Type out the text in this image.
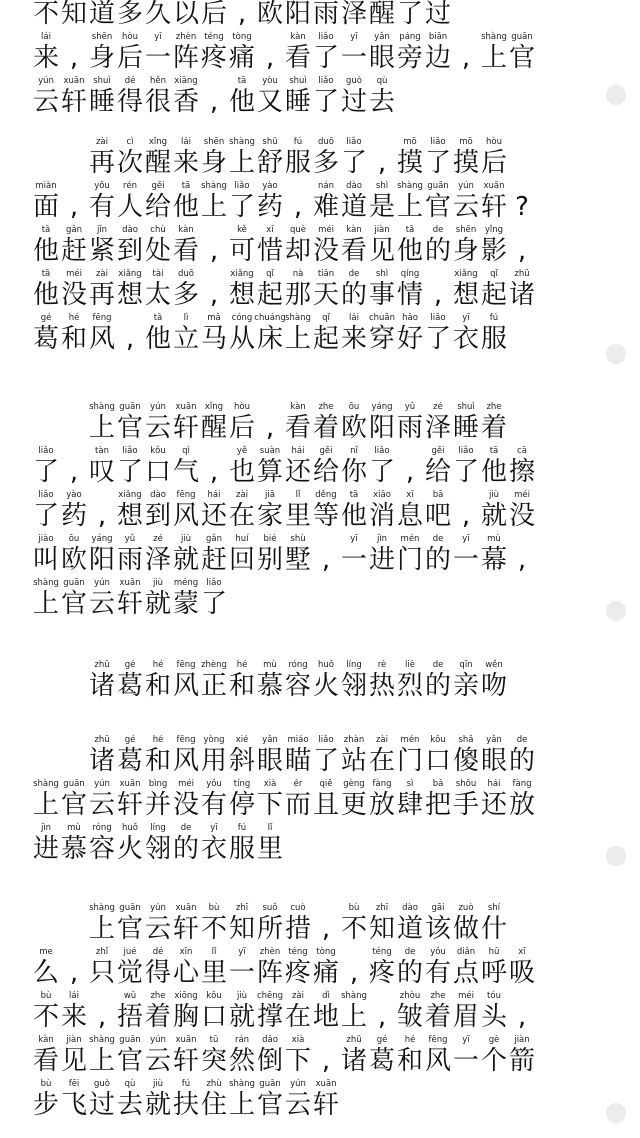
不 知 道 多 久 以 后 , 欧 阳 雨 泽 醒 了 过
lái
来 ,
shēn
身
hòu
后
yī
一
zhèn
阵
téng
疼
tòng
痛 ,
kàn
看
liǎo
了
yī
一
yǎn
眼
páng
旁
biān
边 ,
shàng
上
guān
官
yún
云
xuān
轩
shuì
睡
dé
得
hěn
很
xiāng
香 ,
tā
他
yòu
又
shuì
睡
liǎo
了
guò
过
qù
去
zài
再
cì
次
xǐng
醒
lái
来
shēn
身
shàng
上
shū
舒
fú
服
duō
多
liǎo
了 ,
mō
摸
liǎo
了
mō
摸
hòu
后
miàn
面 ,
yǒu
有
rén
人
gěi
给
tā
他
shàng
上
liǎo
了
yào
药 ,
nán
难
dào
道
shì
是
shàng
上
guān
官
yún
云
xuān
轩 ?
tā
他
gǎn
赶
jǐn
紧
dào
到
chù
处
kàn
看 ,
kě
可
xī
惜
què
却
méi
没
kàn
看
jiàn
见
tā
他
de
的
shēn
身
yǐng
影 ,
tā
他
méi
没
zài
再
xiǎng
想
tài
太
duō
多 ,
xiǎng
想
qǐ
起
nà
那
tiān
天
de
的
shì
事
qíng
情 ,
xiǎng
想
qǐ
起
zhū
诸
gé
葛
hé
和
fēng
风 ,
tā
他
lì
立
mǎ
马
cóng
从
chuáng
床
shàng
上
qǐ
起
lái
来
chuān
穿
hǎo
好
liǎo
了
yī
衣
fú
服
shàng
上
guān
官
yún
云
xuān
轩
xǐng
醒
hòu
后 ,
kàn
看
zhe
着
ōu
欧
yáng
阳
yǔ
雨
zé
泽
shuì
睡
zhe
着
liǎo
了 ,
tàn
叹
liǎo
了
kǒu
口
qì
气 ,
yě
也
suàn
算
hái
还
gěi
给
nǐ
你
liǎo
了 ,
gěi
给
liǎo
了
tā
他
cā
擦
liǎo
了
yào
药 ,
xiǎng
想
dào
到
fēng
风
hái
还
zài
在
jiā
家
lǐ
里
děng
等
tā
他
xiāo
消
xī
息
bā
吧 ,
jiù
就
méi
没
jiào
叫
ōu
欧
yáng
阳
yǔ
雨
zé
泽
jiù
就
gǎn
赶
huí
回
bié
别
shù
墅 ,
yī
一
jìn
进
mén
门
de
的
yī
一
mù
幕 ,
shàng
上
guān
官
yún
云
xuān
轩
jiù
就
méng
蒙
liǎo
了
zhū
诸
gé
葛
hé
和
fēng
风
zhèng
正
hé
和
mù
慕
róng
容
huǒ
火
líng
翎
rè
热
liè
烈
de
的
qīn
亲
wěn
吻
zhū
诸
gé
葛
hé
和
fēng
风
yòng
用
xié
斜
yǎn
眼
miáo
瞄
liǎo
了
zhàn
站
zài
在
mén
门
kǒu
口
shǎ
傻
yǎn
眼
de
的
shàng
上
guān
官
yún
云
xuān
轩
bìng
并
méi
没
yǒu
有
tíng
停
xià
下
ér
而
qiě
且
gèng
更
fàng
放
sì
肆
bǎ
把
shǒu
手
hái
还
fàng
放
jìn
进
mù
慕
róng
容
huǒ
火
líng
翎
de
的
yī
衣
fú
服
lǐ
里
shàng
上
guān
官
yún
云
xuān
轩
bù
不
zhī
知
suǒ
所
cuò
措 ,
bù
不
zhī
知
dào
道
gāi
该
zuò
做
shí
什
me
么 ,
zhǐ
只
jué
觉
dé
得
xīn
心
lǐ
里
yī
一
zhèn
阵
téng
疼
tòng
痛 ,
téng
疼
de
的
yǒu
有
diǎn
点
hū
呼
xī
吸
bù
不
lái
来 ,
wǔ
捂
zhe
着
xiōng
胸
kǒu
口
jiù
就
chēng
撑
zài
在
dì
地
shàng
上 ,
zhòu
皱
zhe
着
méi
眉
tóu
头 ,
kàn
看
jiàn
见
shàng
上
guān
官
yún
云
xuān
轩
tū
突
rán
然
dǎo
倒
xià
下 ,
zhū
诸
gé
葛
hé
和
fēng
风
yī
一
gè
个
jiàn
箭
bù
步
fēi
飞
guò
过
qù
去
jiù
就
fú
扶
zhù
住
shàng
上
guān
官
yún
云
xuān
轩
